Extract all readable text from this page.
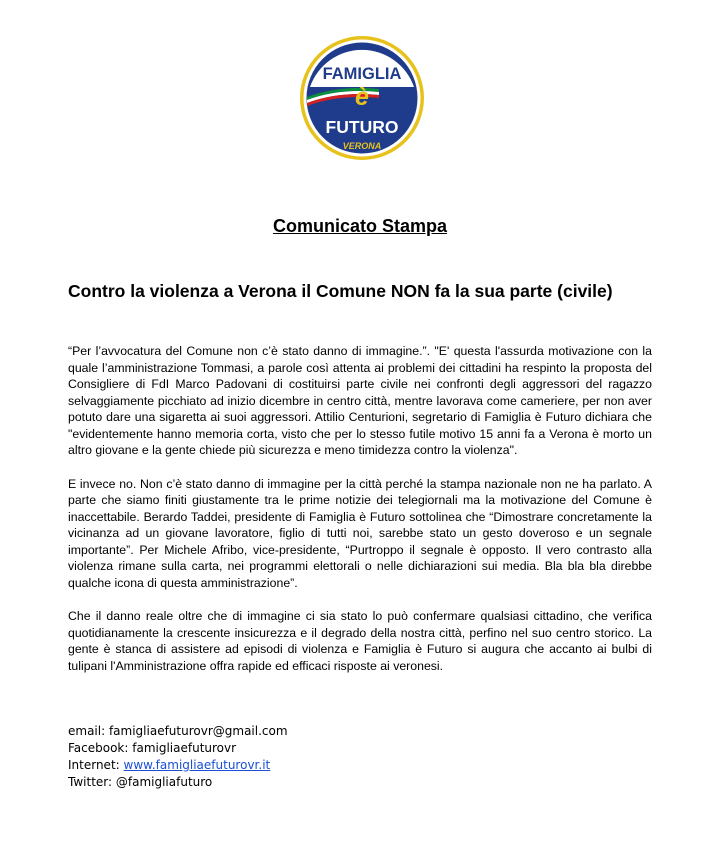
FAMIGLIA
è
FUTURO
VERONA
Comunicato Stampa
Contro la violenza a Verona il Comune NON fa la sua parte (civile)

“Per l’avvocatura del Comune non c’è stato danno di immagine.”. "E' questa l'assurda motivazione con la quale l’amministrazione Tommasi, a parole così attenta ai problemi dei cittadini ha respinto la proposta del Consigliere di FdI Marco Padovani di costituirsi parte civile nei confronti degli aggressori del ragazzo selvaggiamente picchiato ad inizio dicembre in centro città, mentre lavorava come cameriere, per non aver potuto dare una sigaretta ai suoi aggressori. Attilio Centurioni, segretario di Famiglia è Futuro dichiara che "evidentemente hanno memoria corta, visto che per lo stesso futile motivo 15 anni fa a Verona è morto un altro giovane e la gente chiede più sicurezza e meno timidezza contro la violenza".

E invece no. Non c’è stato danno di immagine per la città perché la stampa nazionale non ne ha parlato. A parte che siamo finiti giustamente tra le prime notizie dei telegiornali ma la motivazione del Comune è inaccettabile. Berardo Taddei, presidente di Famiglia è Futuro sottolinea che “Dimostrare concretamente la vicinanza ad un giovane lavoratore, figlio di tutti noi, sarebbe stato un gesto doveroso e un segnale importante”. Per Michele Afribo, vice-presidente, “Purtroppo il segnale è opposto. Il vero contrasto alla violenza rimane sulla carta, nei programmi elettorali o nelle dichiarazioni sui media. Bla bla bla direbbe qualche icona di questa amministrazione”.

Che il danno reale oltre che di immagine ci sia stato lo può confermare qualsiasi cittadino, che verifica quotidianamente la crescente insicurezza e il degrado della nostra città, perfino nel suo centro storico. La gente è stanca di assistere ad episodi di violenza e Famiglia è Futuro si augura che accanto ai bulbi di tulipani l'Amministrazione offra rapide ed efficaci risposte ai veronesi.

email: famigliaefuturovr@gmail.com
Facebook: famigliaefuturovr
Internet: www.famigliaefuturovr.it
Twitter: @famigliafuturo
